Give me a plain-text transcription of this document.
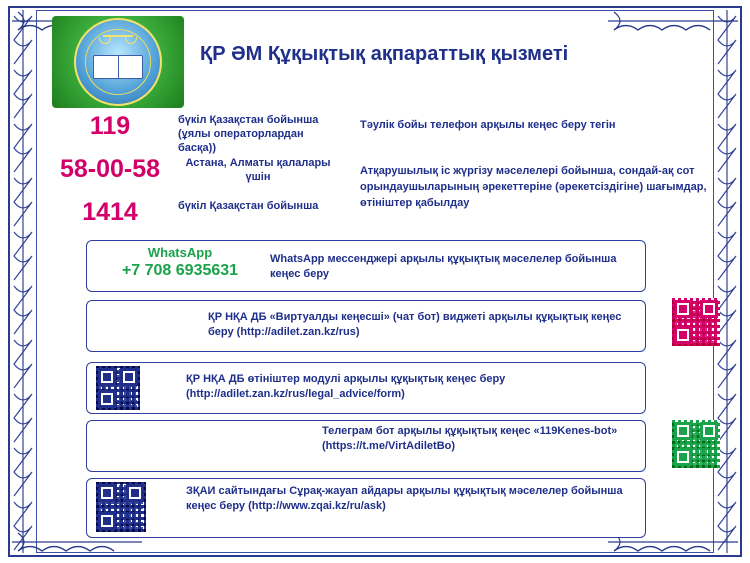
ҚР ӘМ Құқықтық ақпараттық қызметі
119	бүкіл Қазақстан бойынша (ұялы операторлардан басқа))
58-00-58	Астана, Алматы қалалары үшін
1414	бүкіл Қазақстан бойынша
Тәулік бойы телефон арқылы кеңес беру тегін
Атқарушылық іс жүргізу мәселелері бойынша, сондай-ақ сот орындаушыларының әрекеттеріне (әрекетсіздігіне) шағымдар, өтініштер қабылдау
WhatsApp
+7 708 6935631
WhatsApp мессенджері арқылы құқықтық мәселелер бойынша кеңес беру
ҚР НҚА ДБ «Виртуалды кеңесші» (чат бот) виджеті арқылы құқықтық кеңес беру (http://adilet.zan.kz/rus)
ҚР НҚА ДБ өтініштер модулі арқылы құқықтық кеңес беру (http://adilet.zan.kz/rus/legal_advice/form)
Телеграм бот арқылы құқықтық кеңес «119Kenes-bot» (https://t.me/VirtAdiletBo)
ЗҚАИ сайтындағы Сұрақ-жауап айдары арқылы құқықтық мәселелер бойынша кеңес беру (http://www.zqai.kz/ru/ask)
